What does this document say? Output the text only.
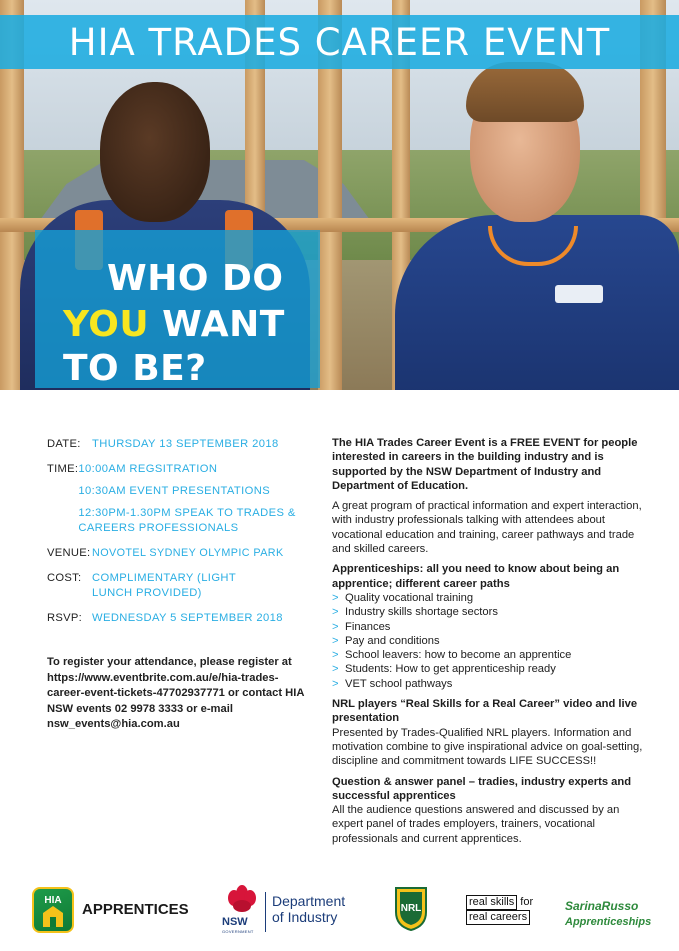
HIA TRADES CAREER EVENT
WHO DO
YOU WANT
TO BE?
DATE:	THURSDAY 13 SEPTEMBER 2018
TIME: 10:00AM REGSITRATION
10:30AM EVENT PRESENTATIONS
12:30PM-1.30PM SPEAK TO TRADES & CAREERS PROFESSIONALS
VENUE: NOVOTEL SYDNEY OLYMPIC PARK
COST: COMPLIMENTARY (LIGHT LUNCH PROVIDED)
RSVP: WEDNESDAY 5 SEPTEMBER 2018
To register your attendance, please register at https://www.eventbrite.com.au/e/hia-trades-career-event-tickets-47702937771 or contact HIA NSW events 02 9978 3333 or e-mail nsw_events@hia.com.au

The HIA Trades Career Event is a FREE EVENT for people interested in careers in the building industry and is supported by the NSW Department of Industry and Department of Education.

A great program of practical information and expert interaction, with industry professionals talking with attendees about vocational education and training, career pathways and trade and skilled careers.

Apprenticeships: all you need to know about being an apprentice; different career paths
> Quality vocational training
> Industry skills shortage sectors
> Finances
> Pay and conditions
> School leavers: how to become an apprentice
> Students: How to get apprenticeship ready
> VET school pathways
NRL players “Real Skills for a Real Career” video and live presentation

Presented by Trades-Qualified NRL players. Information and motivation combine to give inspirational advice on goal-setting, discipline and commitment towards LIFE SUCCESS!!

Question & answer panel – tradies, industry experts and successful apprentices

All the audience questions answered and discussed by an expert panel of trades employers, trainers, vocational professionals and current apprentices.

HIA
APPRENTICES
NSW
GOVERNMENT
Department
of Industry
NRL
real skills for
real careers
SarinaRusso
Apprenticeships
